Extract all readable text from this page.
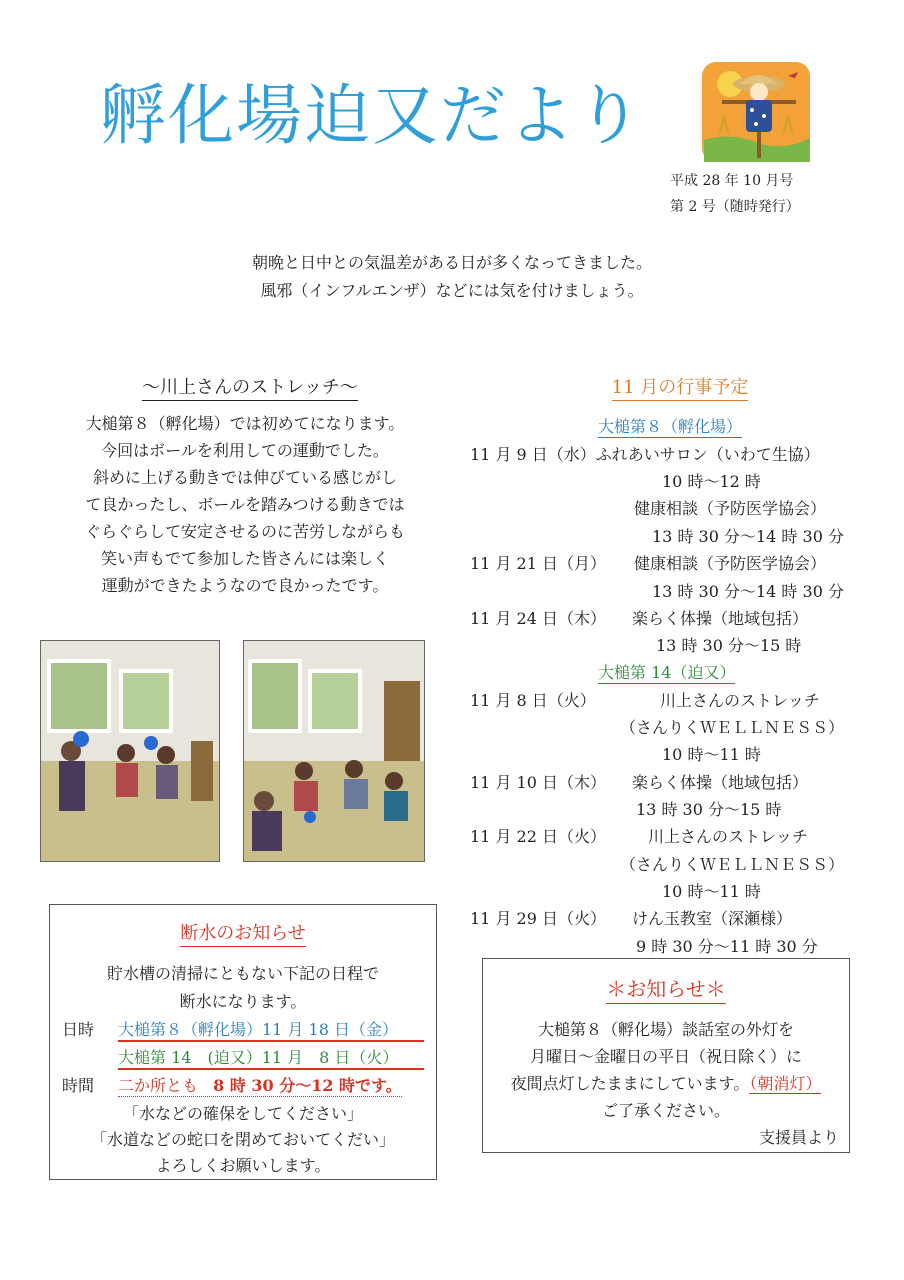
孵化場迫又だより
平成 28 年 10 月号
第 2 号（随時発行）
朝晩と日中との気温差がある日が多くなってきました。
風邪（インフルエンザ）などには気を付けましょう。
～川上さんのストレッチ～
大槌第８（孵化場）では初めてになります。
今回はボールを利用しての運動でした。
斜めに上げる動きでは伸びている感じがし
て良かったし、ボールを踏みつける動きでは
ぐらぐらして安定させるのに苦労しながらも
笑い声もでて参加した皆さんには楽しく
運動ができたようなので良かったです。
断水のお知らせ
貯水槽の清掃にともない下記の日程で
断水になります。
日時 大槌第８（孵化場）11 月 18 日（金）
大槌第 14　(迫又）11 月　8 日（火）
時間 二か所とも 8 時 30 分～12 時です。
「水などの確保をしてください」
「水道などの蛇口を閉めておいてくだい」
よろしくお願いします。
11 月の行事予定
大槌第８（孵化場）
11 月 9 日（水）ふれあいサロン（いわて生協）
10 時～12 時
健康相談（予防医学協会）
13 時 30 分～14 時 30 分
11 月 21 日（月） 健康相談（予防医学協会）
13 時 30 分～14 時 30 分
11 月 24 日（木） 楽らく体操（地域包括）
13 時 30 分～15 時
大槌第 14（迫又）
11 月 8 日（火）	川上さんのストレッチ
（さんりくＷＥＬＬＮＥＳＳ）
10 時～11 時
11 月 10 日（木） 楽らく体操（地域包括）
13 時 30 分～15 時
11 月 22 日（火）	川上さんのストレッチ
（さんりくＷＥＬＬＮＥＳＳ）
10 時～11 時
11 月 29 日（火） けん玉教室（深瀬様）
9 時 30 分～11 時 30 分
＊お知らせ＊
大槌第８（孵化場）談話室の外灯を
月曜日～金曜日の平日（祝日除く）に
夜間点灯したままにしています。（朝消灯）
ご了承ください。
支援員より
